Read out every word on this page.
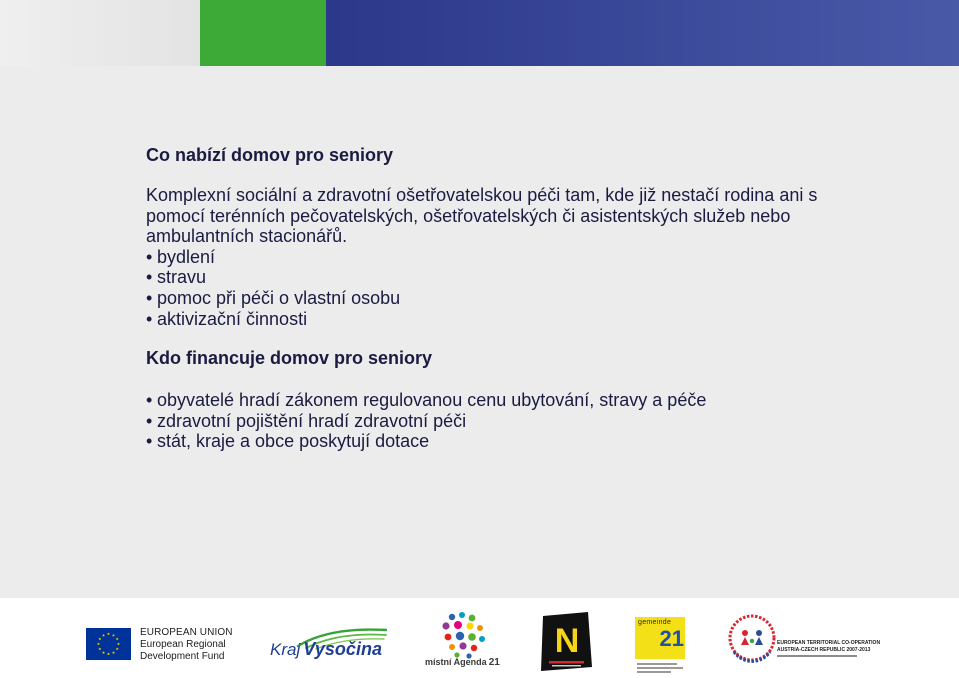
Co nabízí domov pro seniory
Komplexní sociální a zdravotní ošetřovatelskou péči tam, kde již nestačí rodina ani s
pomocí terénních pečovatelských, ošetřovatelských či asistentských služeb nebo
ambulantních stacionářů.
• bydlení
• stravu
• pomoc při péči o vlastní osobu
• aktivizační činnosti
Kdo financuje domov pro seniory
• obyvatelé hradí zákonem regulovanou cenu ubytování, stravy a péče
• zdravotní pojištění hradí zdravotní péči
• stát, kraje a obce poskytují dotace
EUROPEAN UNION
European Regional
Development Fund	Kraj Vysočina
místní Agenda 21
N	gemeinde
21	EUROPEAN TERRITORIAL CO-OPERATION
AUSTRIA-CZECH REPUBLIC 2007-2013
